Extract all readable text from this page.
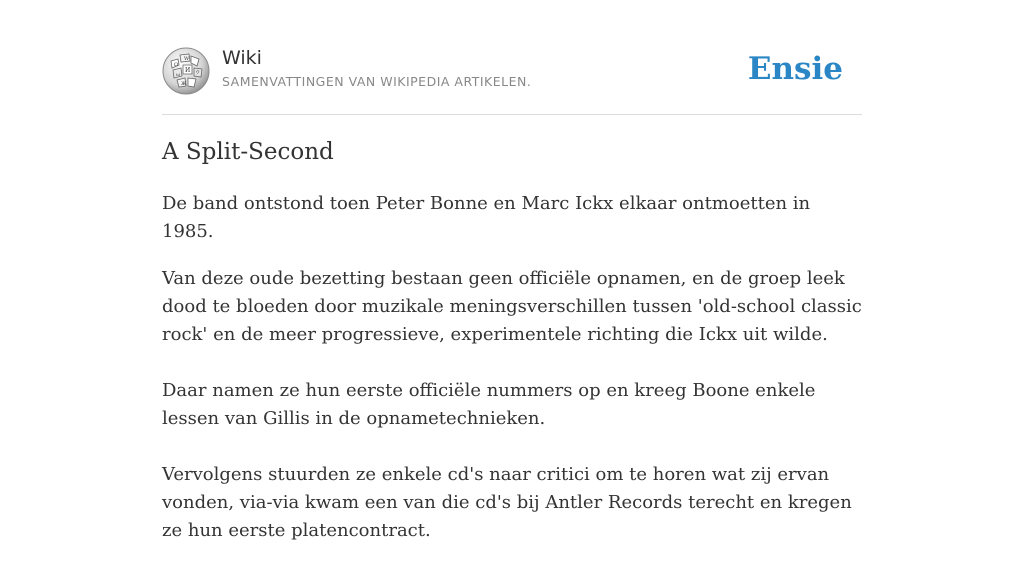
Ω
W
И
ω	ウ
Ж
Wiki
SAMENVATTINGEN VAN WIKIPEDIA ARTIKELEN.	Ensie
A Split-Second

De band ontstond toen Peter Bonne en Marc Ickx elkaar ontmoetten in 1985.

Van deze oude bezetting bestaan geen officiële opnamen, en de groep leek dood te bloeden door muzikale meningsverschillen tussen 'old-school classic rock' en de meer progressieve, experimentele richting die Ickx uit wilde.

Daar namen ze hun eerste officiële nummers op en kreeg Boone enkele lessen van Gillis in de opnametechnieken.

Vervolgens stuurden ze enkele cd's naar critici om te horen wat zij ervan vonden, via-via kwam een van die cd's bij Antler Records terecht en kregen ze hun eerste platencontract.
